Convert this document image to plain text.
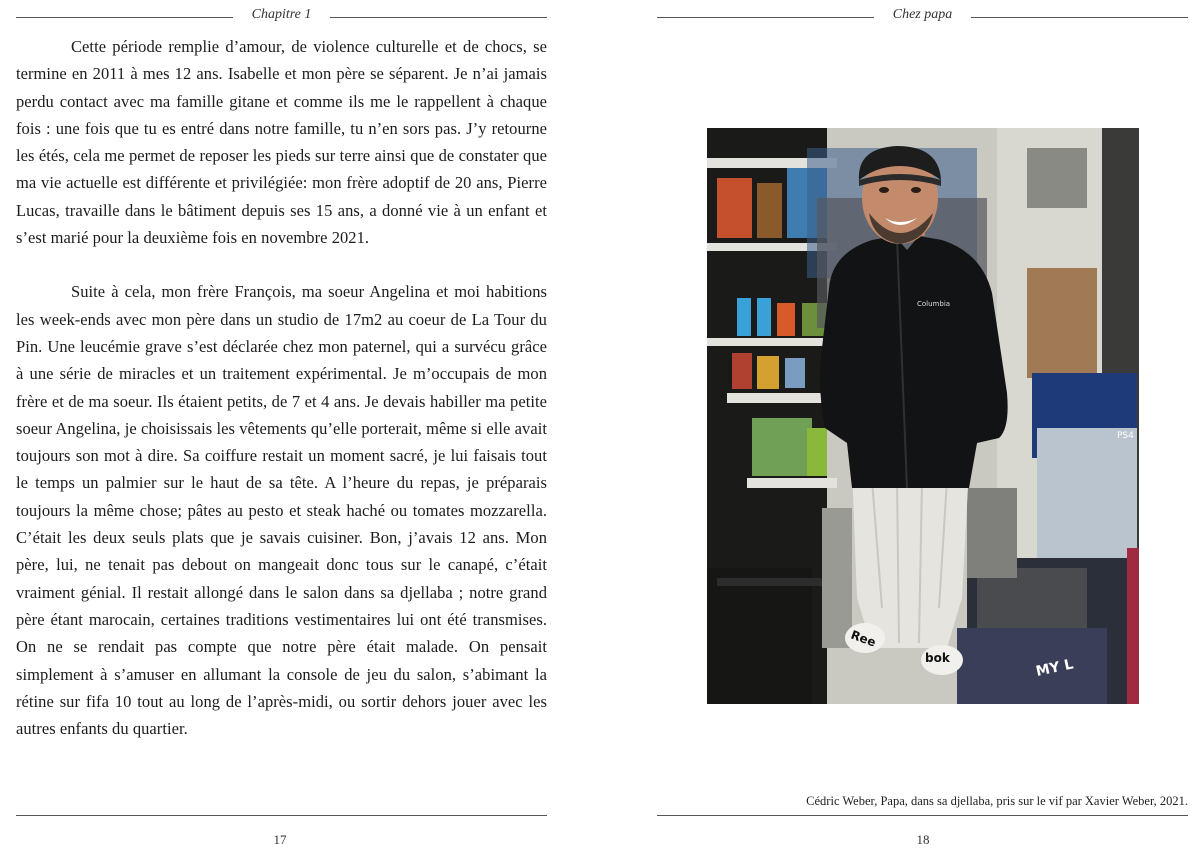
Chapitre 1

Cette période remplie d’amour, de violence culturelle et de chocs, se termine en 2011 à mes 12 ans. Isabelle et mon père se séparent. Je n’ai jamais perdu contact avec ma famille gitane et comme ils me le rappellent à chaque fois : une fois que tu es entré dans notre famille, tu n’en sors pas. J’y retourne les étés, cela me permet de reposer les pieds sur terre ainsi que de constater que ma vie actuelle est différente et privilégiée: mon frère adoptif de 20 ans, Pierre Lucas, travaille dans le bâtiment depuis ses 15 ans, a donné vie à un enfant et s’est marié pour la deuxième fois en novembre 2021.

Suite à cela, mon frère François, ma soeur Angelina et moi habitions les week-ends avec mon père dans un studio de 17m2 au coeur de La Tour du Pin. Une leucémie grave s’est déclarée chez mon paternel, qui a survécu grâce à une série de miracles et un traitement expérimental. Je m’occupais de mon frère et de ma soeur. Ils étaient petits, de 7 et 4 ans. Je devais habiller ma petite soeur Angelina, je choisissais les vêtements qu’elle porterait, même si elle avait toujours son mot à dire. Sa coiffure restait un moment sacré, je lui faisais tout le temps un palmier sur le haut de sa tête. A l’heure du repas, je préparais toujours la même chose; pâtes au pesto et steak haché ou tomates mozzarella. C’était les deux seuls plats que je savais cuisiner. Bon, j’avais 12 ans. Mon père, lui, ne tenait pas debout on mangeait donc tous sur le canapé, c’était vraiment génial. Il restait allongé dans le salon dans sa djellaba ; notre grand père étant marocain, certaines traditions vestimentaires lui ont été transmises. On ne se rendait pas compte que notre père était malade. On pensait simplement à s’amuser en allumant la console de jeu du salon, s’abimant la rétine sur fifa 10 tout au long de l’après-midi, ou sortir dehors jouer avec les autres enfants du quartier.

17
Chez papa
PS4
MY L
Columbia
Ree
bok
Cédric Weber, Papa, dans sa djellaba, pris sur le vif par Xavier Weber, 2021.
18
